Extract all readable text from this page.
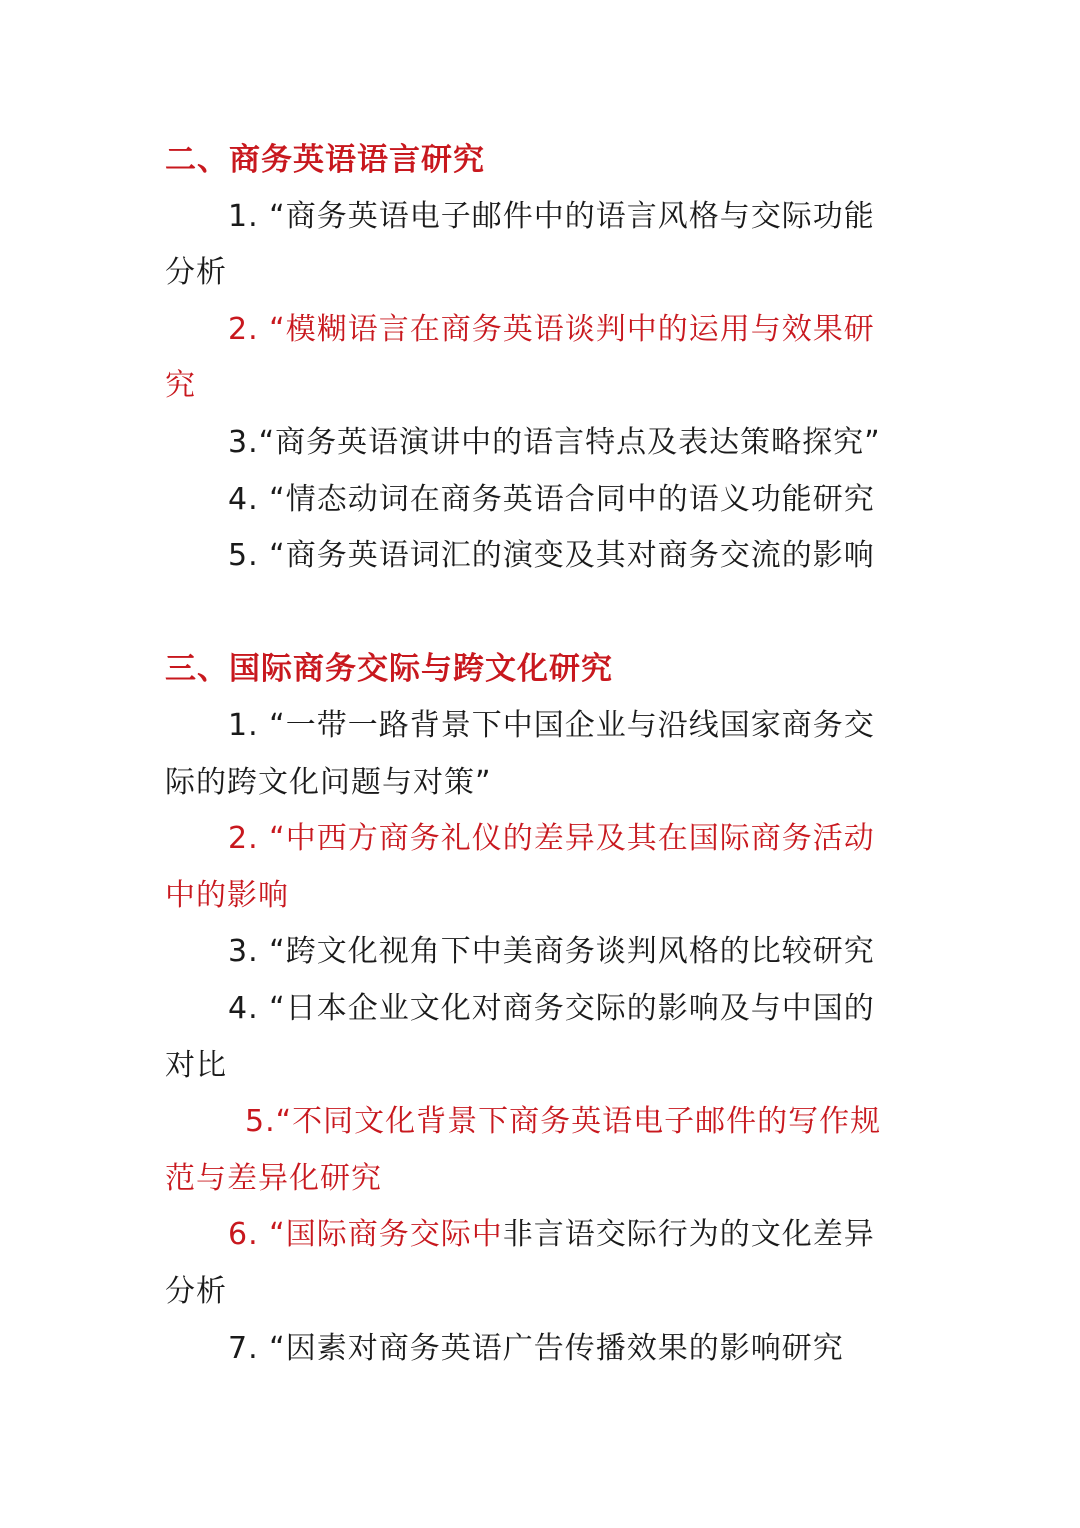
二、商务英语语言研究
1. “商务英语电子邮件中的语言风格与交际功能
分析
2. “模糊语言在商务英语谈判中的运用与效果研
究
3.“商务英语演讲中的语言特点及表达策略探究”
4. “情态动词在商务英语合同中的语义功能研究
5. “商务英语词汇的演变及其对商务交流的影响
三、国际商务交际与跨文化研究
1. “一带一路背景下中国企业与沿线国家商务交
际的跨文化问题与对策”
2. “中西方商务礼仪的差异及其在国际商务活动
中的影响
3. “跨文化视角下中美商务谈判风格的比较研究
4. “日本企业文化对商务交际的影响及与中国的
对比
5.“不同文化背景下商务英语电子邮件的写作规
范与差异化研究
6. “国际商务交际中非言语交际行为的文化差异
分析
7. “因素对商务英语广告传播效果的影响研究
